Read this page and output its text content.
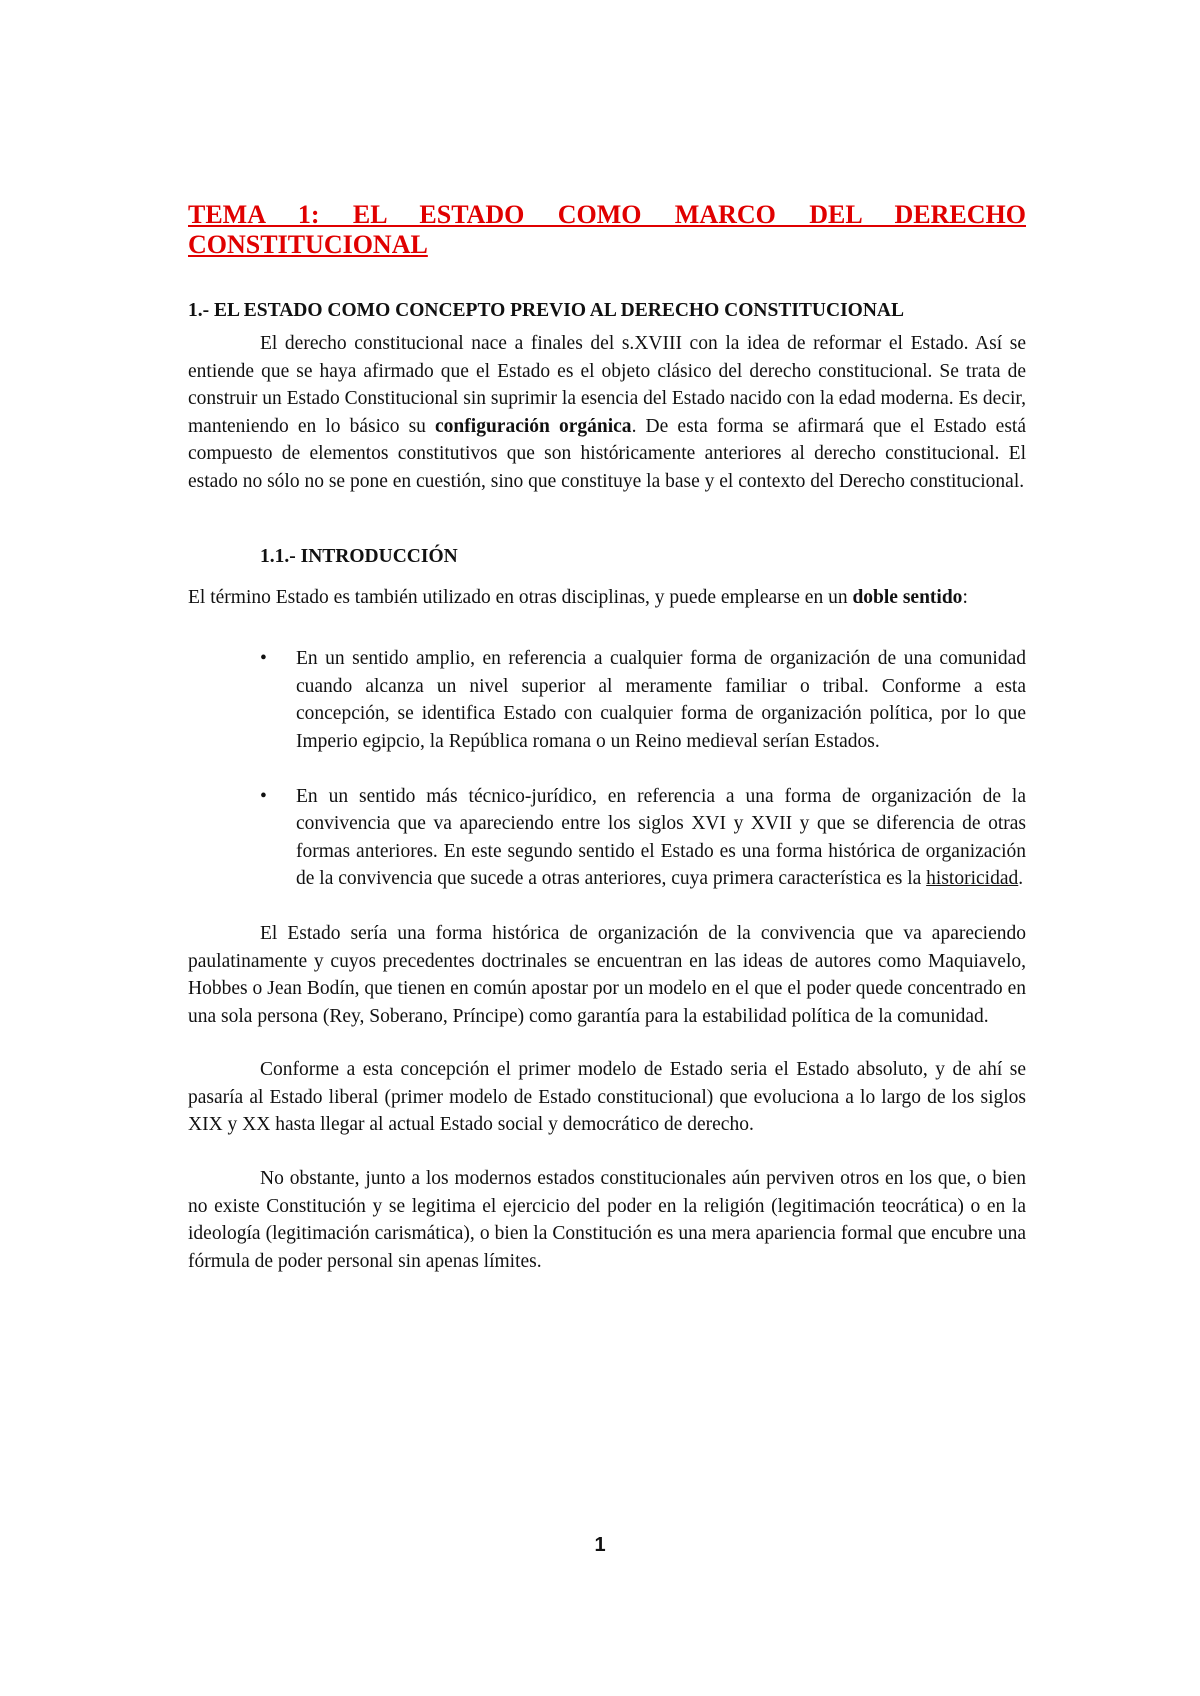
TEMA 1: EL ESTADO COMO MARCO DEL DERECHO
CONSTITUCIONAL
1.- EL ESTADO COMO CONCEPTO PREVIO AL DERECHO CONSTITUCIONAL

El derecho constitucional nace a finales del s.XVIII con la idea de reformar el Estado. Así se entiende que se haya afirmado que el Estado es el objeto clásico del derecho constitucional. Se trata de construir un Estado Constitucional sin suprimir la esencia del Estado nacido con la edad moderna. Es decir, manteniendo en lo básico su configuración orgánica. De esta forma se afirmará que el Estado está compuesto de elementos constitutivos que son históricamente anteriores al derecho constitucional. El estado no sólo no se pone en cuestión, sino que constituye la base y el contexto del Derecho constitucional.

1.1.- INTRODUCCIÓN

El término Estado es también utilizado en otras disciplinas, y puede emplearse en un doble sentido:

• En un sentido amplio, en referencia a cualquier forma de organización de una comunidad cuando alcanza un nivel superior al meramente familiar o tribal. Conforme a esta concepción, se identifica Estado con cualquier forma de organización política, por lo que Imperio egipcio, la República romana o un Reino medieval serían Estados.
• En un sentido más técnico-jurídico, en referencia a una forma de organización de la convivencia que va apareciendo entre los siglos XVI y XVII y que se diferencia de otras formas anteriores. En este segundo sentido el Estado es una forma histórica de organización de la convivencia que sucede a otras anteriores, cuya primera característica es la historicidad.

El Estado sería una forma histórica de organización de la convivencia que va apareciendo paulatinamente y cuyos precedentes doctrinales se encuentran en las ideas de autores como Maquiavelo, Hobbes o Jean Bodín, que tienen en común apostar por un modelo en el que el poder quede concentrado en una sola persona (Rey, Soberano, Príncipe) como garantía para la estabilidad política de la comunidad.

Conforme a esta concepción el primer modelo de Estado seria el Estado absoluto, y de ahí se pasaría al Estado liberal (primer modelo de Estado constitucional) que evoluciona a lo largo de los siglos XIX y XX hasta llegar al actual Estado social y democrático de derecho.

No obstante, junto a los modernos estados constitucionales aún perviven otros en los que, o bien no existe Constitución y se legitima el ejercicio del poder en la religión (legitimación teocrática) o en la ideología (legitimación carismática), o bien la Constitución es una mera apariencia formal que encubre una fórmula de poder personal sin apenas límites.

1
